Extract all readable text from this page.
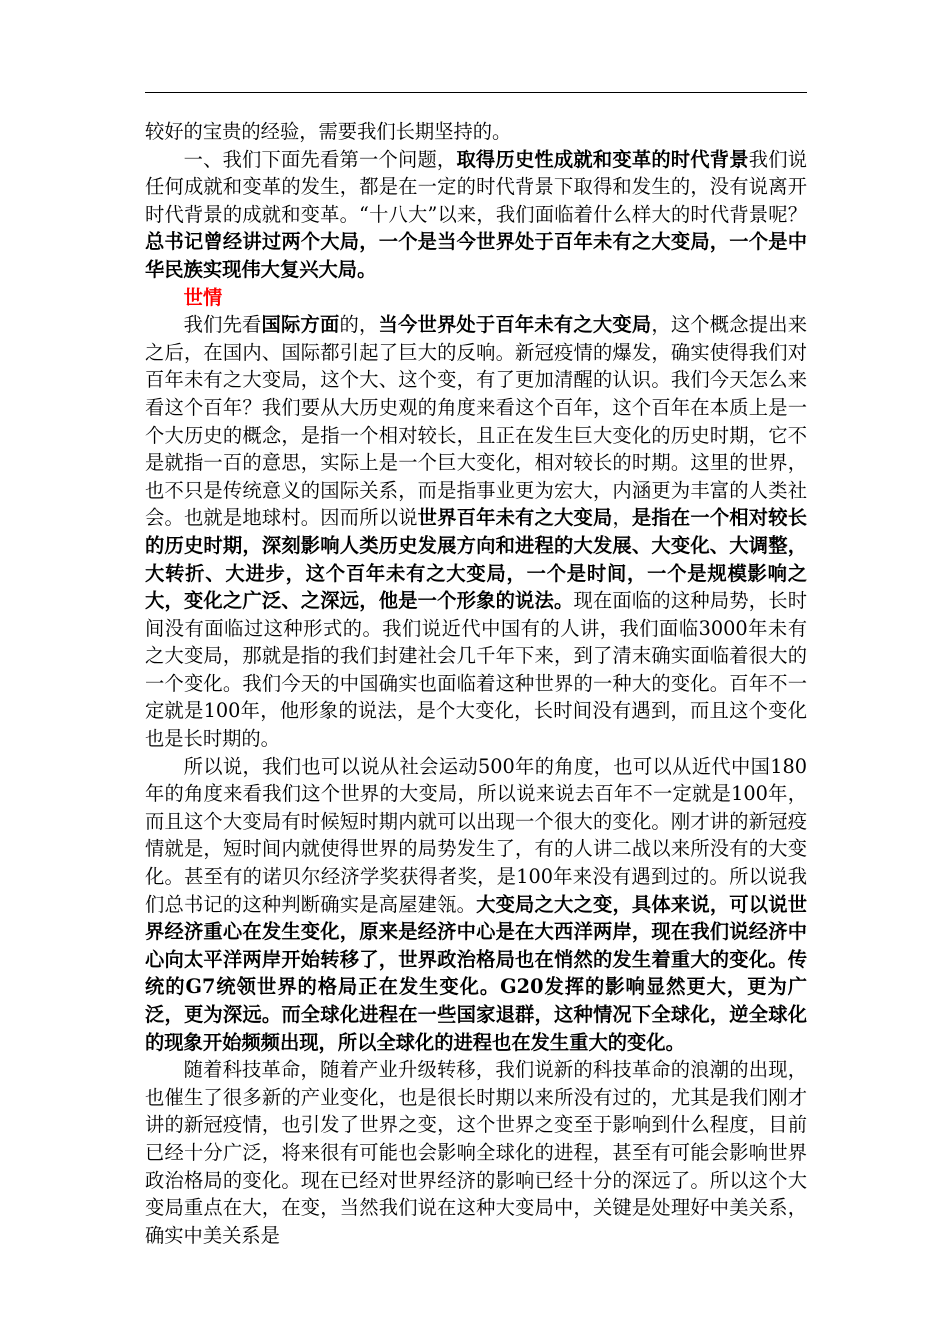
较好的宝贵的经验，需要我们长期坚持的。

一、我们下面先看第一个问题，取得历史性成就和变革的时代背景我们说任何成就和变革的发生，都是在一定的时代背景下取得和发生的，没有说离开时代背景的成就和变革。“十八大”以来，我们面临着什么样大的时代背景呢？总书记曾经讲过两个大局，一个是当今世界处于百年未有之大变局，一个是中华民族实现伟大复兴大局。

世情

我们先看国际方面的，当今世界处于百年未有之大变局，这个概念提出来之后，在国内、国际都引起了巨大的反响。新冠疫情的爆发，确实使得我们对百年未有之大变局，这个大、这个变，有了更加清醒的认识。我们今天怎么来看这个百年？我们要从大历史观的角度来看这个百年，这个百年在本质上是一个大历史的概念，是指一个相对较长，且正在发生巨大变化的历史时期，它不是就指一百的意思，实际上是一个巨大变化，相对较长的时期。这里的世界，也不只是传统意义的国际关系，而是指事业更为宏大，内涵更为丰富的人类社会。也就是地球村。因而所以说世界百年未有之大变局，是指在一个相对较长的历史时期，深刻影响人类历史发展方向和进程的大发展、大变化、大调整，大转折、大进步，这个百年未有之大变局，一个是时间，一个是规模影响之大，变化之广泛、之深远，他是一个形象的说法。现在面临的这种局势，长时间没有面临过这种形式的。我们说近代中国有的人讲，我们面临3000年未有之大变局，那就是指的我们封建社会几千年下来，到了清末确实面临着很大的一个变化。我们今天的中国确实也面临着这种世界的一种大的变化。百年不一定就是100年，他形象的说法，是个大变化，长时间没有遇到，而且这个变化也是长时期的。

所以说，我们也可以说从社会运动500年的角度，也可以从近代中国180年的角度来看我们这个世界的大变局，所以说来说去百年不一定就是100年，而且这个大变局有时候短时期内就可以出现一个很大的变化。刚才讲的新冠疫情就是，短时间内就使得世界的局势发生了，有的人讲二战以来所没有的大变化。甚至有的诺贝尔经济学奖获得者奖，是100年来没有遇到过的。所以说我们总书记的这种判断确实是高屋建瓴。大变局之大之变，具体来说，可以说世界经济重心在发生变化，原来是经济中心是在大西洋两岸，现在我们说经济中心向太平洋两岸开始转移了，世界政治格局也在悄然的发生着重大的变化。传统的G7统领世界的格局正在发生变化。G20发挥的影响显然更大，更为广泛，更为深远。而全球化进程在一些国家退群，这种情况下全球化，逆全球化的现象开始频频出现，所以全球化的进程也在发生重大的变化。

随着科技革命，随着产业升级转移，我们说新的科技革命的浪潮的出现，也催生了很多新的产业变化，也是很长时期以来所没有过的，尤其是我们刚才讲的新冠疫情，也引发了世界之变，这个世界之变至于影响到什么程度，目前已经十分广泛，将来很有可能也会影响全球化的进程，甚至有可能会影响世界政治格局的变化。现在已经对世界经济的影响已经十分的深远了。所以这个大变局重点在大，在变，当然我们说在这种大变局中，关键是处理好中美关系，确实中美关系是
